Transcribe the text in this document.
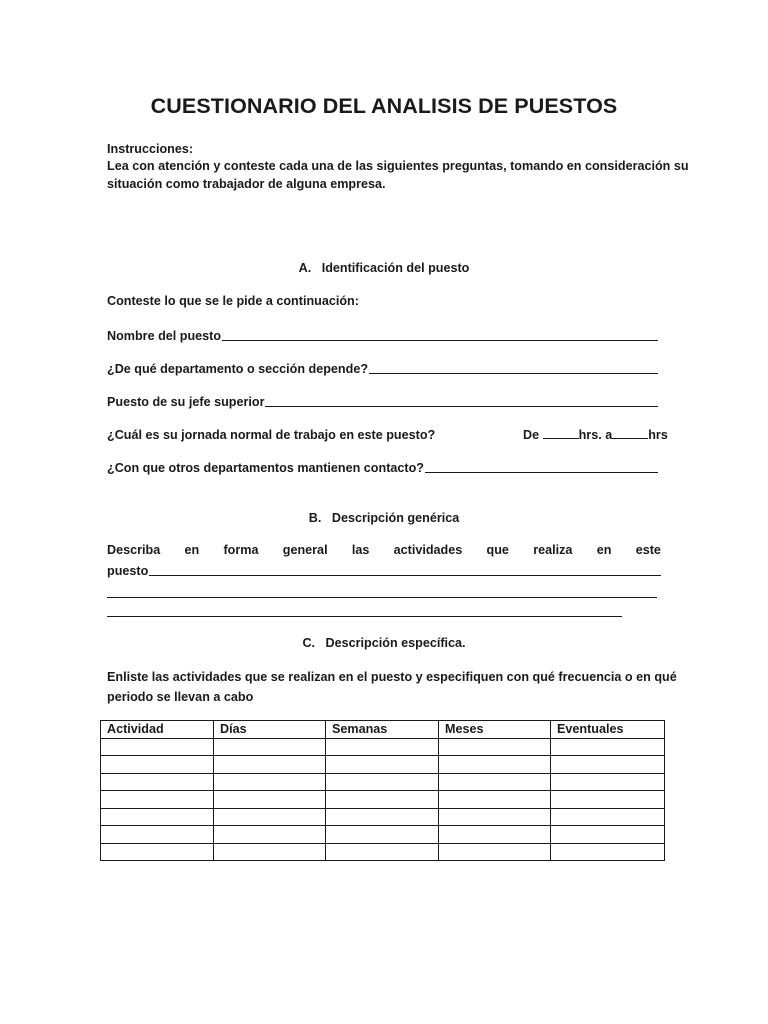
CUESTIONARIO DEL ANALISIS DE PUESTOS
Instrucciones:
Lea con atención y conteste cada una de las siguientes preguntas, tomando en consideración su
situación como trabajador de alguna empresa.
A. Identificación del puesto
Conteste lo que se le pide a continuación:
Nombre del puesto
¿De qué departamento o sección depende?
Puesto de su jefe superior
¿Cuál es su jornada normal de trabajo en este puesto?	De	hrs. a	hrs
¿Con que otros departamentos mantienen contacto?
B. Descripción genérica
Describa en forma general las actividades que realiza en este
puesto
C. Descripción específica.
Enliste las actividades que se realizan en el puesto y especifiquen con qué frecuencia o en qué
periodo se llevan a cabo
Actividad	Días	Semanas	Meses	Eventuales
